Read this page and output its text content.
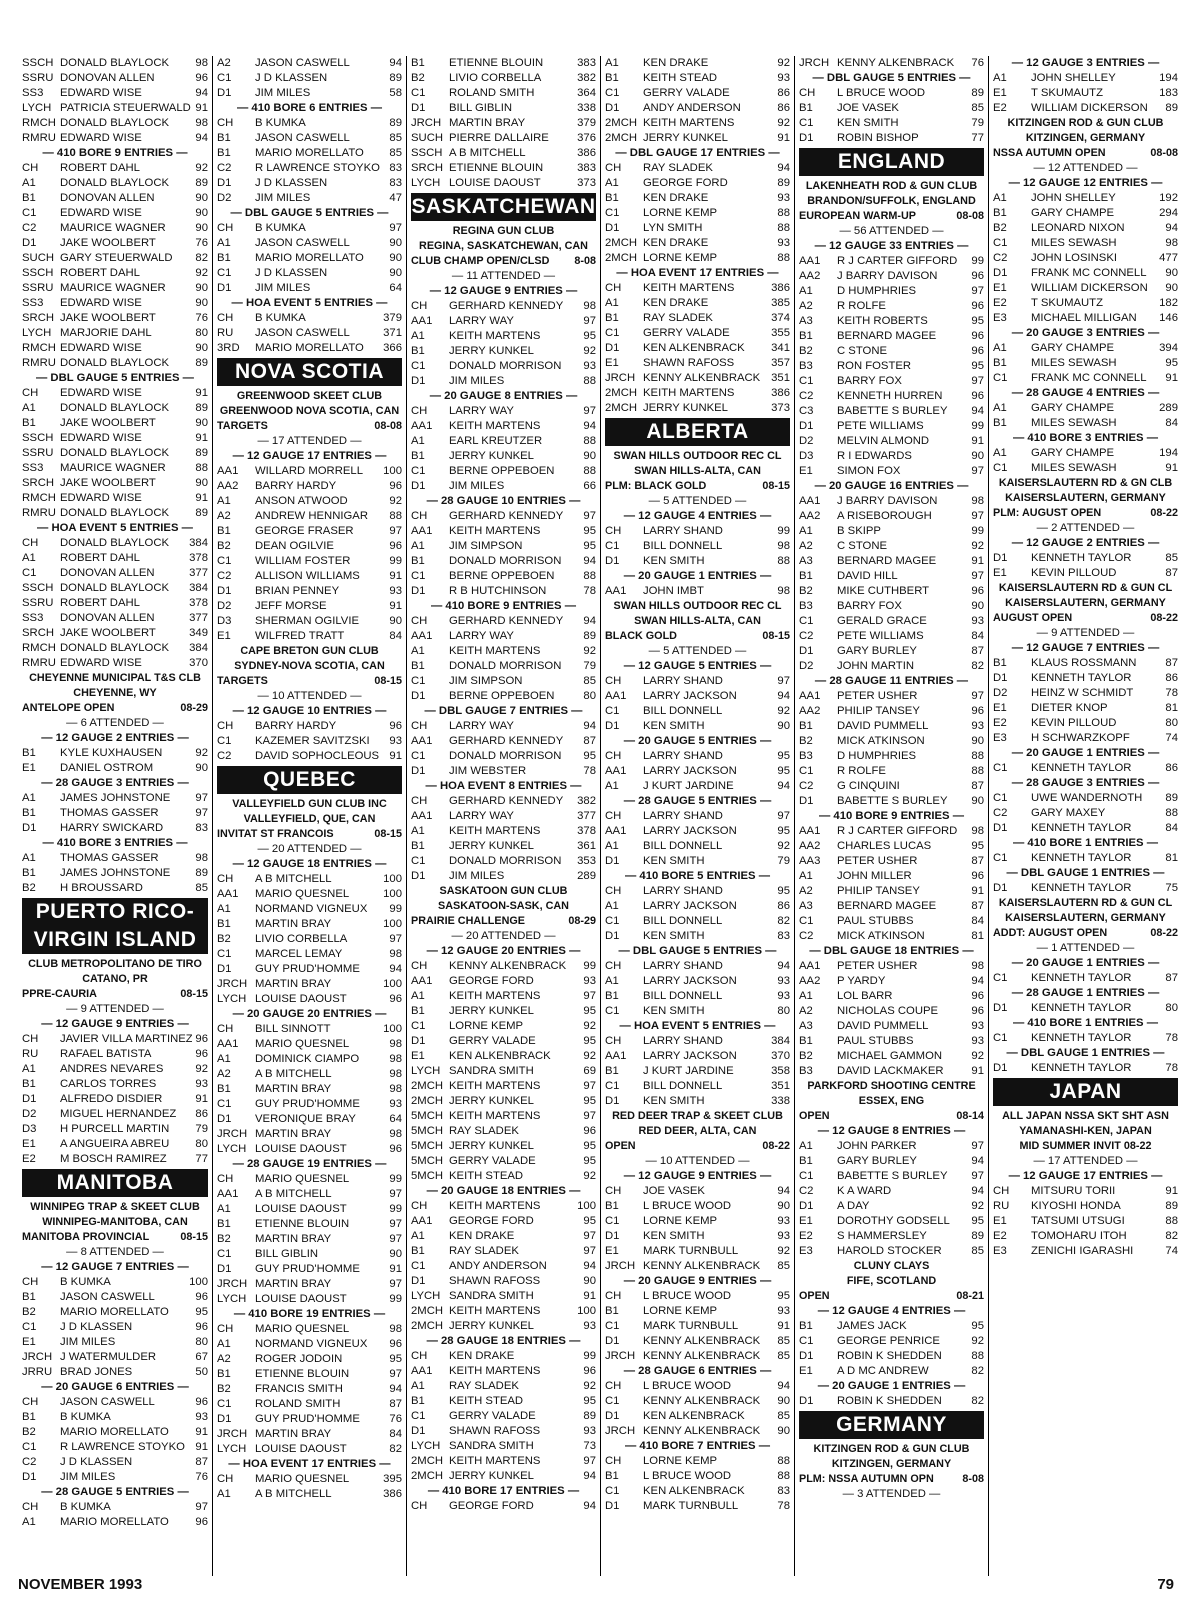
SSCH DONALD BLAYLOCK	98
SSRU DONOVAN ALLEN	96
SS3	EDWARD WISE	94
LYCH PATRICIA STEUERWALD 91
RMCH DONALD BLAYLOCK	98
RMRU EDWARD WISE	94
— 410 BORE 9 ENTRIES —
CH	ROBERT DAHL	92
A1	DONALD BLAYLOCK	89
B1	DONOVAN ALLEN	90
C1	EDWARD WISE	90
C2	MAURICE WAGNER	90
D1	JAKE WOOLBERT	76
SUCH GARY STEUERWALD	82
SSCH ROBERT DAHL	92
SSRU MAURICE WAGNER	90
SS3	EDWARD WISE	90
SRCH JAKE WOOLBERT	76
LYCH MARJORIE DAHL	80
RMCH EDWARD WISE	90
RMRU DONALD BLAYLOCK	89
— DBL GAUGE 5 ENTRIES —
CH	EDWARD WISE	91
A1	DONALD BLAYLOCK	89
B1	JAKE WOOLBERT	90
SSCH EDWARD WISE	91
SSRU DONALD BLAYLOCK	89
SS3	MAURICE WAGNER	88
SRCH JAKE WOOLBERT	90
RMCH EDWARD WISE	91
RMRU DONALD BLAYLOCK	89
— HOA EVENT 5 ENTRIES —
CH	DONALD BLAYLOCK	384
A1	ROBERT DAHL	378
C1	DONOVAN ALLEN	377
SSCH DONALD BLAYLOCK	384
SSRU ROBERT DAHL	378
SS3	DONOVAN ALLEN	377
SRCH JAKE WOOLBERT	349
RMCH DONALD BLAYLOCK	384
RMRU EDWARD WISE	370
CHEYENNE MUNICIPAL T&S CLB
CHEYENNE, WY
ANTELOPE OPEN	08-29
— 6 ATTENDED —
— 12 GAUGE 2 ENTRIES —
B1	KYLE KUXHAUSEN	92
E1	DANIEL OSTROM	90
— 28 GAUGE 3 ENTRIES —
A1	JAMES JOHNSTONE	97
B1	THOMAS GASSER	97
D1	HARRY SWICKARD	83
— 410 BORE 3 ENTRIES —
A1	THOMAS GASSER	98
B1	JAMES JOHNSTONE	89
B2	H BROUSSARD	85
PUERTO RICO-
VIRGIN ISLAND
CLUB METROPOLITANO DE TIRO
CATANO, PR
PPRE-CAURIA	08-15
— 9 ATTENDED —
— 12 GAUGE 9 ENTRIES —
CH	JAVIER VILLA MARTINEZ 96
RU	RAFAEL BATISTA	96
A1	ANDRES NEVARES	92
B1	CARLOS TORRES	93
D1	ALFREDO DISDIER	91
D2	MIGUEL HERNANDEZ	86
D3	H PURCELL MARTIN	79
E1	A ANGUEIRA ABREU	80
E2	M BOSCH RAMIREZ	77
MANITOBA
WINNIPEG TRAP & SKEET CLUB
WINNIPEG-MANITOBA, CAN
MANITOBA PROVINCIAL	08-15
— 8 ATTENDED —
— 12 GAUGE 7 ENTRIES —
CH	B KUMKA	100
B1	JASON CASWELL	96
B2	MARIO MORELLATO	95
C1	J D KLASSEN	96
E1	JIM MILES	80
JRCH J WATERMULDER	67
JRRU BRAD JONES	50
— 20 GAUGE 6 ENTRIES —
CH	JASON CASWELL	96
B1	B KUMKA	93
B2	MARIO MORELLATO	91
C1	R LAWRENCE STOYKO 91
C2	J D KLASSEN	87
D1	JIM MILES	76
— 28 GAUGE 5 ENTRIES —
CH	B KUMKA	97
A1	MARIO MORELLATO	96
A2	JASON CASWELL	94
C1	J D KLASSEN	89
D1	JIM MILES	58
— 410 BORE 6 ENTRIES —
CH	B KUMKA	89
B1	JASON CASWELL	85
B1	MARIO MORELLATO	85
C2	R LAWRENCE STOYKO 83
D1	J D KLASSEN	83
D2	JIM MILES	47
— DBL GAUGE 5 ENTRIES —
CH	B KUMKA	97
A1	JASON CASWELL	90
B1	MARIO MORELLATO	90
C1	J D KLASSEN	90
D1	JIM MILES	64
— HOA EVENT 5 ENTRIES —
CH	B KUMKA	379
RU	JASON CASWELL	371
3RD	MARIO MORELLATO	366
NOVA SCOTIA
GREENWOOD SKEET CLUB
GREENWOOD NOVA SCOTIA, CAN
TARGETS	08-08
— 17 ATTENDED —
— 12 GAUGE 17 ENTRIES —
AA1	WILLARD MORRELL	100
AA2	BARRY HARDY	96
A1	ANSON ATWOOD	92
A2	ANDREW HENNIGAR	88
B1	GEORGE FRASER	97
B2	DEAN OGILVIE	96
C1	WILLIAM FOSTER	99
C2	ALLISON WILLIAMS	91
D1	BRIAN PENNEY	93
D2	JEFF MORSE	91
D3	SHERMAN OGILVIE	90
E1	WILFRED TRATT	84
CAPE BRETON GUN CLUB
SYDNEY-NOVA SCOTIA, CAN
TARGETS	08-15
— 10 ATTENDED —
— 12 GAUGE 10 ENTRIES —
CH	BARRY HARDY	96
C1	KAZEMER SAVITZSKI	93
C2	DAVID SOPHOCLEOUS 91
QUEBEC
VALLEYFIELD GUN CLUB INC
VALLEYFIELD, QUE, CAN
INVITAT ST FRANCOIS	08-15
— 20 ATTENDED —
— 12 GAUGE 18 ENTRIES —
CH	A B MITCHELL	100
AA1	MARIO QUESNEL	100
A1	NORMAND VIGNEUX	99
B1	MARTIN BRAY	100
B2	LIVIO CORBELLA	97
C1	MARCEL LEMAY	98
D1	GUY PRUD'HOMME	94
JRCH MARTIN BRAY	100
LYCH LOUISE DAOUST	96
— 20 GAUGE 20 ENTRIES —
CH	BILL SINNOTT	100
AA1	MARIO QUESNEL	98
A1	DOMINICK CIAMPO	98
A2	A B MITCHELL	98
B1	MARTIN BRAY	98
C1	GUY PRUD'HOMME	93
D1	VERONIQUE BRAY	64
JRCH MARTIN BRAY	98
LYCH LOUISE DAOUST	96
— 28 GAUGE 19 ENTRIES —
CH	MARIO QUESNEL	99
AA1	A B MITCHELL	97
A1	LOUISE DAOUST	99
B1	ETIENNE BLOUIN	97
B2	MARTIN BRAY	97
C1	BILL GIBLIN	90
D1	GUY PRUD'HOMME	91
JRCH MARTIN BRAY	97
LYCH LOUISE DAOUST	99
— 410 BORE 19 ENTRIES —
CH	MARIO QUESNEL	98
A1	NORMAND VIGNEUX	96
A2	ROGER JODOIN	95
B1	ETIENNE BLOUIN	97
B2	FRANCIS SMITH	94
C1	ROLAND SMITH	87
D1	GUY PRUD'HOMME	76
JRCH MARTIN BRAY	84
LYCH LOUISE DAOUST	82
— HOA EVENT 17 ENTRIES —
CH	MARIO QUESNEL	395
A1	A B MITCHELL	386
B1	ETIENNE BLOUIN	383
B2	LIVIO CORBELLA	382
C1	ROLAND SMITH	364
D1	BILL GIBLIN	338
JRCH MARTIN BRAY	379
SUCH PIERRE DALLAIRE	376
SSCH A B MITCHELL	386
SRCH ETIENNE BLOUIN	383
LYCH LOUISE DAOUST	373
SASKATCHEWAN
REGINA GUN CLUB
REGINA, SASKATCHEWAN, CAN
CLUB CHAMP OPEN/CLSD 8-08
— 11 ATTENDED —
— 12 GAUGE 9 ENTRIES —
CH	GERHARD KENNEDY	98
AA1	LARRY WAY	97
A1	KEITH MARTENS	95
B1	JERRY KUNKEL	92
C1	DONALD MORRISON	93
D1	JIM MILES	88
— 20 GAUGE 8 ENTRIES —
CH	LARRY WAY	97
AA1	KEITH MARTENS	94
A1	EARL KREUTZER	88
B1	JERRY KUNKEL	90
C1	BERNE OPPEBOEN	88
D1	JIM MILES	66
— 28 GAUGE 10 ENTRIES —
CH	GERHARD KENNEDY	97
AA1	KEITH MARTENS	95
A1	JIM SIMPSON	95
B1	DONALD MORRISON	94
C1	BERNE OPPEBOEN	88
D1	R B HUTCHINSON	78
— 410 BORE 9 ENTRIES —
CH	GERHARD KENNEDY	94
AA1	LARRY WAY	89
A1	KEITH MARTENS	92
B1	DONALD MORRISON	79
C1	JIM SIMPSON	85
D1	BERNE OPPEBOEN	80
— DBL GAUGE 7 ENTRIES —
CH	LARRY WAY	94
AA1	GERHARD KENNEDY	87
C1	DONALD MORRISON	95
D1	JIM WEBSTER	78
— HOA EVENT 8 ENTRIES —
CH	GERHARD KENNEDY	382
AA1	LARRY WAY	377
A1	KEITH MARTENS	378
B1	JERRY KUNKEL	361
C1	DONALD MORRISON	353
D1	JIM MILES	289
SASKATOON GUN CLUB
SASKATOON-SASK, CAN
PRAIRIE CHALLENGE	08-29
— 20 ATTENDED —
— 12 GAUGE 20 ENTRIES —
CH	KENNY ALKENBRACK	99
AA1	GEORGE FORD	93
A1	KEITH MARTENS	97
B1	JERRY KUNKEL	95
C1	LORNE KEMP	92
D1	GERRY VALADE	95
E1	KEN ALKENBRACK	92
LYCH SANDRA SMITH	69
2MCH KEITH MARTENS	97
2MCH JERRY KUNKEL	95
5MCH KEITH MARTENS	97
5MCH RAY SLADEK	96
5MCH JERRY KUNKEL	95
5MCH GERRY VALADE	95
5MCH KEITH STEAD	92
— 20 GAUGE 18 ENTRIES —
CH	KEITH MARTENS	100
AA1	GEORGE FORD	95
A1	KEN DRAKE	97
B1	RAY SLADEK	97
C1	ANDY ANDERSON	94
D1	SHAWN RAFOSS	90
LYCH SANDRA SMITH	91
2MCH KEITH MARTENS	100
2MCH JERRY KUNKEL	93
— 28 GAUGE 18 ENTRIES —
CH	KEN DRAKE	99
AA1	KEITH MARTENS	96
A1	RAY SLADEK	92
B1	KEITH STEAD	95
C1	GERRY VALADE	89
D1	SHAWN RAFOSS	93
LYCH SANDRA SMITH	73
2MCH KEITH MARTENS	97
2MCH JERRY KUNKEL	94
— 410 BORE 17 ENTRIES —
CH	GEORGE FORD	94
A1	KEN DRAKE	92
B1	KEITH STEAD	93
C1	GERRY VALADE	86
D1	ANDY ANDERSON	86
2MCH KEITH MARTENS	92
2MCH JERRY KUNKEL	91
— DBL GAUGE 17 ENTRIES —
CH	RAY SLADEK	94
A1	GEORGE FORD	89
B1	KEN DRAKE	93
C1	LORNE KEMP	88
D1	LYN SMITH	88
2MCH KEN DRAKE	93
2MCH LORNE KEMP	88
— HOA EVENT 17 ENTRIES —
CH	KEITH MARTENS	386
A1	KEN DRAKE	385
B1	RAY SLADEK	374
C1	GERRY VALADE	355
D1	KEN ALKENBRACK	341
E1	SHAWN RAFOSS	357
JRCH KENNY ALKENBRACK 351
2MCH KEITH MARTENS	386
2MCH JERRY KUNKEL	373
ALBERTA
SWAN HILLS OUTDOOR REC CL
SWAN HILLS-ALTA, CAN
PLM: BLACK GOLD	08-15
— 5 ATTENDED —
— 12 GAUGE 4 ENTRIES —
CH	LARRY SHAND	99
C1	BILL DONNELL	98
D1	KEN SMITH	88
— 20 GAUGE 1 ENTRIES —
AA1	JOHN IMBT	98
SWAN HILLS OUTDOOR REC CL
SWAN HILLS-ALTA, CAN
BLACK GOLD	08-15
— 5 ATTENDED —
— 12 GAUGE 5 ENTRIES —
CH	LARRY SHAND	97
AA1	LARRY JACKSON	94
C1	BILL DONNELL	92
D1	KEN SMITH	90
— 20 GAUGE 5 ENTRIES —
CH	LARRY SHAND	95
AA1	LARRY JACKSON	95
A1	J KURT JARDINE	94
— 28 GAUGE 5 ENTRIES —
CH	LARRY SHAND	97
AA1	LARRY JACKSON	95
A1	BILL DONNELL	92
D1	KEN SMITH	79
— 410 BORE 5 ENTRIES —
CH	LARRY SHAND	95
A1	LARRY JACKSON	86
C1	BILL DONNELL	82
D1	KEN SMITH	83
— DBL GAUGE 5 ENTRIES —
CH	LARRY SHAND	94
A1	LARRY JACKSON	93
B1	BILL DONNELL	93
C1	KEN SMITH	80
— HOA EVENT 5 ENTRIES —
CH	LARRY SHAND	384
AA1	LARRY JACKSON	370
B1	J KURT JARDINE	358
C1	BILL DONNELL	351
D1	KEN SMITH	338
RED DEER TRAP & SKEET CLUB
RED DEER, ALTA, CAN
OPEN	08-22
— 10 ATTENDED —
— 12 GAUGE 9 ENTRIES —
CH	JOE VASEK	94
B1	L BRUCE WOOD	90
C1	LORNE KEMP	93
D1	KEN SMITH	93
E1	MARK TURNBULL	92
JRCH KENNY ALKENBRACK	85
— 20 GAUGE 9 ENTRIES —
CH	L BRUCE WOOD	95
B1	LORNE KEMP	93
C1	MARK TURNBULL	91
D1	KENNY ALKENBRACK	85
JRCH KENNY ALKENBRACK	85
— 28 GAUGE 6 ENTRIES —
CH	L BRUCE WOOD	94
C1	KENNY ALKENBRACK	90
D1	KEN ALKENBRACK	85
JRCH KENNY ALKENBRACK	90
— 410 BORE 7 ENTRIES —
CH	LORNE KEMP	88
B1	L BRUCE WOOD	88
C1	KEN ALKENBRACK	83
D1	MARK TURNBULL	78
JRCH KENNY ALKENBRACK	76
— DBL GAUGE 5 ENTRIES —
CH	L BRUCE WOOD	89
B1	JOE VASEK	85
C1	KEN SMITH	79
D1	ROBIN BISHOP	77
ENGLAND
LAKENHEATH ROD & GUN CLUB
BRANDON/SUFFOLK, ENGLAND
EUROPEAN WARM-UP	08-08
— 56 ATTENDED —
— 12 GAUGE 33 ENTRIES —
AA1	R J CARTER GIFFORD	99
AA2	J BARRY DAVISON	96
A1	D HUMPHRIES	97
A2	R ROLFE	96
A3	KEITH ROBERTS	95
B1	BERNARD MAGEE	96
B2	C STONE	96
B3	RON FOSTER	95
C1	BARRY FOX	97
C2	KENNETH HURREN	96
C3	BABETTE S BURLEY	94
D1	PETE WILLIAMS	99
D2	MELVIN ALMOND	91
D3	R I EDWARDS	90
E1	SIMON FOX	97
— 20 GAUGE 16 ENTRIES —
AA1	J BARRY DAVISON	98
AA2	A RISEBOROUGH	97
A1	B SKIPP	99
A2	C STONE	92
A3	BERNARD MAGEE	91
B1	DAVID HILL	97
B2	MIKE CUTHBERT	96
B3	BARRY FOX	90
C1	GERALD GRACE	93
C2	PETE WILLIAMS	84
D1	GARY BURLEY	87
D2	JOHN MARTIN	82
— 28 GAUGE 11 ENTRIES —
AA1	PETER USHER	97
AA2	PHILIP TANSEY	96
B1	DAVID PUMMELL	93
B2	MICK ATKINSON	90
B3	D HUMPHRIES	88
C1	R ROLFE	88
C2	G CINQUINI	87
D1	BABETTE S BURLEY	90
— 410 BORE 9 ENTRIES —
AA1	R J CARTER GIFFORD	98
AA2	CHARLES LUCAS	95
AA3	PETER USHER	87
A1	JOHN MILLER	96
A2	PHILIP TANSEY	91
A3	BERNARD MAGEE	87
C1	PAUL STUBBS	84
C2	MICK ATKINSON	81
— DBL GAUGE 18 ENTRIES —
AA1	PETER USHER	98
AA2	P YARDY	94
A1	LOL BARR	96
A2	NICHOLAS COUPE	96
A3	DAVID PUMMELL	93
B1	PAUL STUBBS	93
B2	MICHAEL GAMMON	92
B3	DAVID LACKMAKER	91
PARKFORD SHOOTING CENTRE
ESSEX, ENG
OPEN	08-14
— 12 GAUGE 8 ENTRIES —
A1	JOHN PARKER	97
B1	GARY BURLEY	94
C1	BABETTE S BURLEY	97
C2	K A WARD	94
D1	A DAY	92
E1	DOROTHY GODSELL	95
E2	S HAMMERSLEY	89
E3	HAROLD STOCKER	85
CLUNY CLAYS
FIFE, SCOTLAND
OPEN	08-21
— 12 GAUGE 4 ENTRIES —
B1	JAMES JACK	95
C1	GEORGE PENRICE	92
D1	ROBIN K SHEDDEN	88
E1	A D MC ANDREW	82
— 20 GAUGE 1 ENTRIES —
D1	ROBIN K SHEDDEN	82
GERMANY
KITZINGEN ROD & GUN CLUB
KITZINGEN, GERMANY
PLM: NSSA AUTUMN OPN	8-08
— 3 ATTENDED —
— 12 GAUGE 3 ENTRIES —
A1	JOHN SHELLEY	194
E1	T SKUMAUTZ	183
E2	WILLIAM DICKERSON	89
KITZINGEN ROD & GUN CLUB
KITZINGEN, GERMANY
NSSA AUTUMN OPEN	08-08
— 12 ATTENDED —
— 12 GAUGE 12 ENTRIES —
A1	JOHN SHELLEY	192
B1	GARY CHAMPE	294
B2	LEONARD NIXON	94
C1	MILES SEWASH	98
C2	JOHN LOSINSKI	477
D1	FRANK MC CONNELL	90
E1	WILLIAM DICKERSON	90
E2	T SKUMAUTZ	182
E3	MICHAEL MILLIGAN	146
— 20 GAUGE 3 ENTRIES —
A1	GARY CHAMPE	394
B1	MILES SEWASH	95
C1	FRANK MC CONNELL	91
— 28 GAUGE 4 ENTRIES —
A1	GARY CHAMPE	289
B1	MILES SEWASH	84
— 410 BORE 3 ENTRIES —
A1	GARY CHAMPE	194
C1	MILES SEWASH	91
KAISERSLAUTERN RD & GN CLB
KAISERSLAUTERN, GERMANY
PLM: AUGUST OPEN	08-22
— 2 ATTENDED —
— 12 GAUGE 2 ENTRIES —
D1	KENNETH TAYLOR	85
E1	KEVIN PILLOUD	87
KAISERSLAUTERN RD & GUN CL
KAISERSLAUTERN, GERMANY
AUGUST OPEN	08-22
— 9 ATTENDED —
— 12 GAUGE 7 ENTRIES —
B1	KLAUS ROSSMANN	87
D1	KENNETH TAYLOR	86
D2	HEINZ W SCHMIDT	78
E1	DIETER KNOP	81
E2	KEVIN PILLOUD	80
E3	H SCHWARZKOPF	74
— 20 GAUGE 1 ENTRIES —
C1	KENNETH TAYLOR	86
— 28 GAUGE 3 ENTRIES —
C1	UWE WANDERNOTH	89
C2	GARY MAXEY	88
D1	KENNETH TAYLOR	84
— 410 BORE 1 ENTRIES —
C1	KENNETH TAYLOR	81
— DBL GAUGE 1 ENTRIES —
D1	KENNETH TAYLOR	75
KAISERSLAUTERN RD & GUN CL
KAISERSLAUTERN, GERMANY
ADDT: AUGUST OPEN	08-22
— 1 ATTENDED —
— 20 GAUGE 1 ENTRIES —
C1	KENNETH TAYLOR	87
— 28 GAUGE 1 ENTRIES —
D1	KENNETH TAYLOR	80
— 410 BORE 1 ENTRIES —
C1	KENNETH TAYLOR	78
— DBL GAUGE 1 ENTRIES —
D1	KENNETH TAYLOR	78
JAPAN
ALL JAPAN NSSA SKT SHT ASN
YAMANASHI-KEN, JAPAN
MID SUMMER INVIT 08-22
— 17 ATTENDED —
— 12 GAUGE 17 ENTRIES —
CH	MITSURU TORII	91
RU	KIYOSHI HONDA	89
E1	TATSUMI UTSUGI	88
E2	TOMOHARU ITOH	82
E3	ZENICHI IGARASHI	74
NOVEMBER 1993	79
